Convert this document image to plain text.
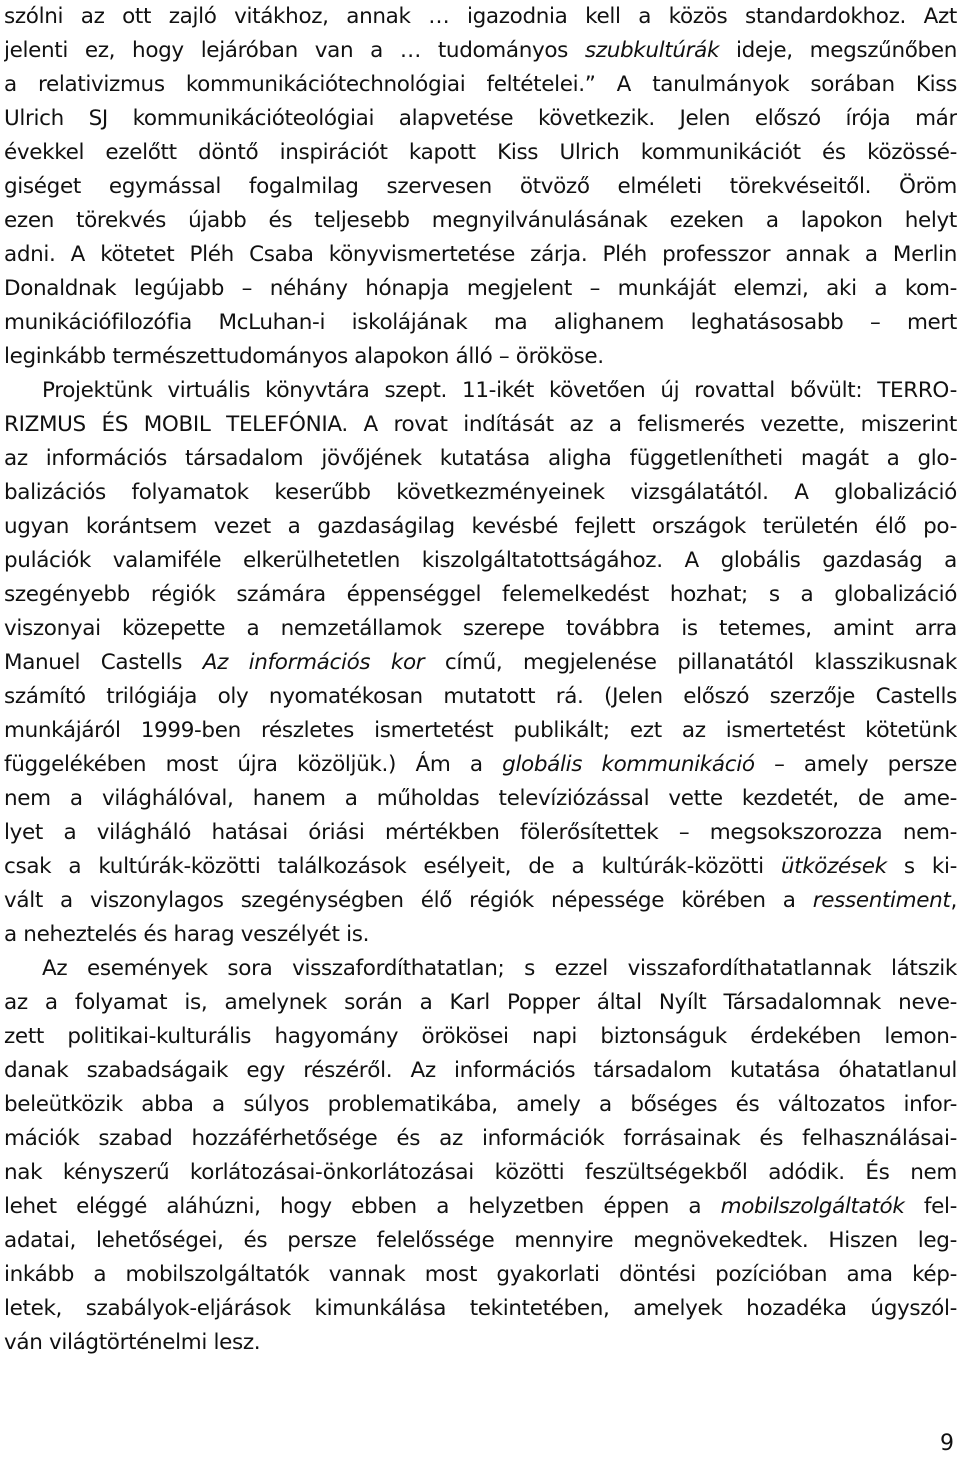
szólni az ott zajló vitákhoz, annak … igazodnia kell a közös standardokhoz. Azt
jelenti ez, hogy lejáróban van a … tudományos szubkultúrák ideje, megszűnőben
a relativizmus kommunikációtechnológiai feltételei.” A tanulmányok sorában Kiss
Ulrich SJ kommunikációteológiai alapvetése következik. Jelen előszó írója már
évekkel ezelőtt döntő inspirációt kapott Kiss Ulrich kommunikációt és közössé-
giséget egymással fogalmilag szervesen ötvöző elméleti törekvéseitől. Öröm
ezen törekvés újabb és teljesebb megnyilvánulásának ezeken a lapokon helyt
adni. A kötetet Pléh Csaba könyvismertetése zárja. Pléh professzor annak a Merlin
Donaldnak legújabb – néhány hónapja megjelent – munkáját elemzi, aki a kom-
munikációfilozófia McLuhan-i iskolájának ma alighanem leghatásosabb – mert
leginkább természettudományos alapokon álló – örököse.
Projektünk virtuális könyvtára szept. 11-ikét követően új rovattal bővült: TERRO-
RIZMUS ÉS MOBIL TELEFÓNIA. A rovat indítását az a felismerés vezette, miszerint
az információs társadalom jövőjének kutatása aligha függetlenítheti magát a glo-
balizációs folyamatok keserűbb következményeinek vizsgálatától. A globalizáció
ugyan korántsem vezet a gazdaságilag kevésbé fejlett országok területén élő po-
pulációk valamiféle elkerülhetetlen kiszolgáltatottságához. A globális gazdaság a
szegényebb régiók számára éppenséggel felemelkedést hozhat; s a globalizáció
viszonyai közepette a nemzetállamok szerepe továbbra is tetemes, amint arra
Manuel Castells Az információs kor című, megjelenése pillanatától klasszikusnak
számító trilógiája oly nyomatékosan mutatott rá. (Jelen előszó szerzője Castells
munkájáról 1999-ben részletes ismertetést publikált; ezt az ismertetést kötetünk
függelékében most újra közöljük.) Ám a globális kommunikáció – amely persze
nem a világhálóval, hanem a műholdas televíziózással vette kezdetét, de ame-
lyet a világháló hatásai óriási mértékben fölerősítettek – megsokszorozza nem-
csak a kultúrák-közötti találkozások esélyeit, de a kultúrák-közötti ütközések s ki-
vált a viszonylagos szegénységben élő régiók népessége körében a ressentiment,
a neheztelés és harag veszélyét is.
Az események sora visszafordíthatatlan; s ezzel visszafordíthatatlannak látszik
az a folyamat is, amelynek során a Karl Popper által Nyílt Társadalomnak neve-
zett politikai-kulturális hagyomány örökösei napi biztonságuk érdekében lemon-
danak szabadságaik egy részéről. Az információs társadalom kutatása óhatatlanul
beleütközik abba a súlyos problematikába, amely a bőséges és változatos infor-
mációk szabad hozzáférhetősége és az információk forrásainak és felhasználásai-
nak kényszerű korlátozásai-önkorlátozásai közötti feszültségekből adódik. És nem
lehet eléggé aláhúzni, hogy ebben a helyzetben éppen a mobilszolgáltatók fel-
adatai, lehetőségei, és persze felelőssége mennyire megnövekedtek. Hiszen leg-
inkább a mobilszolgáltatók vannak most gyakorlati döntési pozícióban ama kép-
letek, szabályok-eljárások kimunkálása tekintetében, amelyek hozadéka úgyszól-
ván világtörténelmi lesz.
9
